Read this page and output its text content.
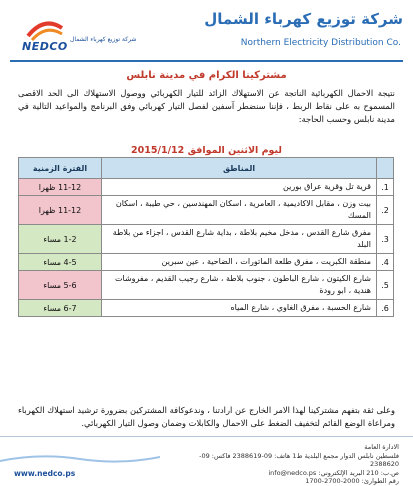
NEDCO
شركة توزيع كهرباء الشمال
شركة توزيع كهرباء الشمال
Northern Electricity Distribution Co.
مشتركينا الكرام في مدينة نابلس
نتيجة الاحمال الكهربائية الناتجة عن الاستهلاك الزائد للتيار الكهربائي ووصول الاستهلاك الى الحد الاقصى المسموح به على نقاط الربط ، فإننا سنضطر آسفين لفصل التيار كهربائي وفق البرنامج والمواعيد التالية في مدينة نابلس وحسب الحاجة:
ليوم الاثنين الموافق 2015/1/12
	المناطق	الفترة الزمنية
1.	قرية تل وقرية عراق بورين	11-12 ظهرا
2.	بيت وزن ، مقابل الاكاديمية ، العامرية ، اسكان المهندسين ، حي طيبة ، اسكان المسك	11-12 ظهرا
3.	مفرق شارع القدس ، مدخل مخيم بلاطة ، بداية شارع القدس ، اجزاء من بلاطة البلد	1-2 مساء
4.	منطقة الكبريت ، مفرق طلعة الماتورات ، الضاحية ، عين سبرين	4-5 مساء
5.	شارع الكيتون ، شارع الباطون ، جنوب بلاطة ، شارع رجيب القديم ، مفروشات هندية ، ابو رودة	5-6 مساء
6.	شارع الحسبة ، مفرق الغاوي ، شارع المياه	6-7 مساء
وعلى ثقة بتفهم مشتركينا لهذا الامر الخارج عن ارادتنا ، وندعوكافة المشتركين بضرورة ترشيد استهلاك الكهرباء ومراعاة الوضع القائم لتخفيف الضغط على الاحمال والكابلات وضمان وصول التيار الكهربائي.
الادارة العامة
فلسطين نابلس الدوار مجمع البلدية ط1 هاتف: 09-2388619 فاكس: 09-2388620
ص.ب: 210 البريد الإلكتروني: info@nedco.ps
رقم الطوارئ: 2000-2700-1700
www.nedco.ps
